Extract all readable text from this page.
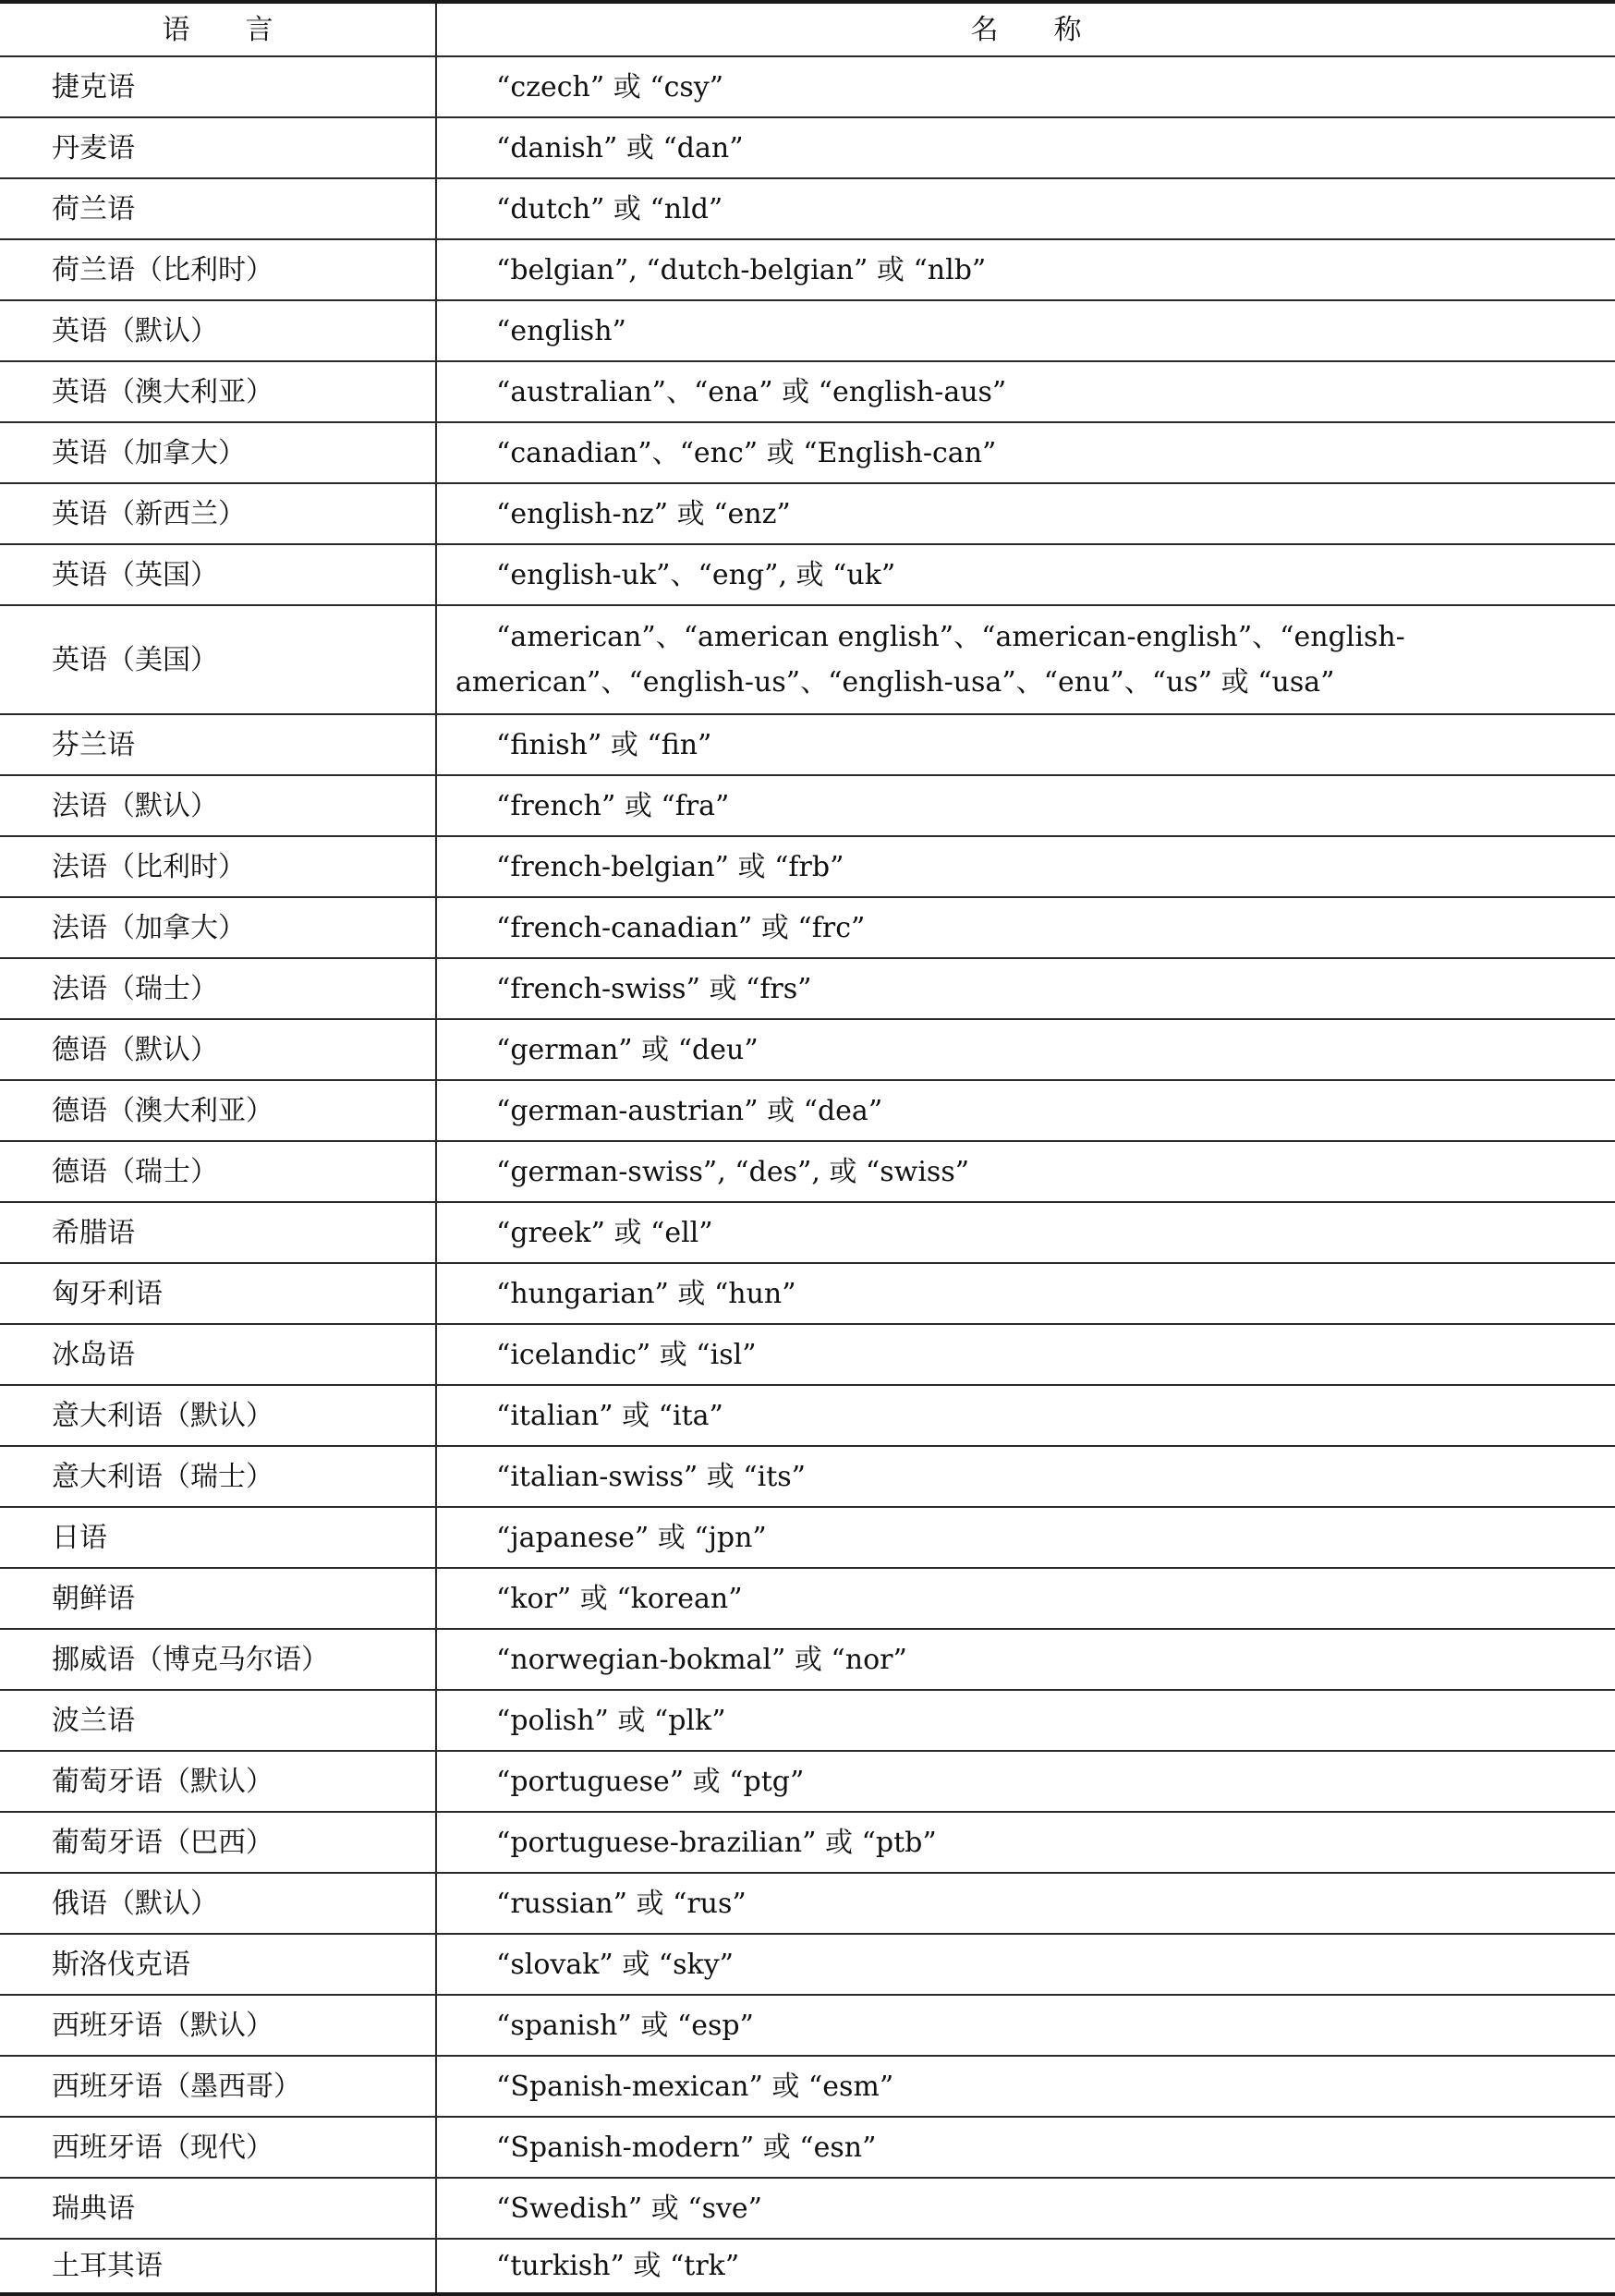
语　　言	名　　称
捷克语	“czech” 或 “csy”
丹麦语	“danish” 或 “dan”
荷兰语	“dutch” 或 “nld”
荷兰语（比利时）	“belgian”, “dutch-belgian” 或 “nlb”
英语（默认）	“english”
英语（澳大利亚）	“australian”、“ena” 或 “english-aus”
英语（加拿大）	“canadian”、“enc” 或 “English-can”
英语（新西兰）	“english-nz” 或 “enz”
英语（英国）	“english-uk”、“eng”, 或 “uk”
英语（美国）	“american”、“american english”、“american-english”、“english-american”、“english-us”、“english-usa”、“enu”、“us” 或 “usa”
芬兰语	“finish” 或 “fin”
法语（默认）	“french” 或 “fra”
法语（比利时）	“french-belgian” 或 “frb”
法语（加拿大）	“french-canadian” 或 “frc”
法语（瑞士）	“french-swiss” 或 “frs”
德语（默认）	“german” 或 “deu”
德语（澳大利亚）	“german-austrian” 或 “dea”
德语（瑞士）	“german-swiss”, “des”, 或 “swiss”
希腊语	“greek” 或 “ell”
匈牙利语	“hungarian” 或 “hun”
冰岛语	“icelandic” 或 “isl”
意大利语（默认）	“italian” 或 “ita”
意大利语（瑞士）	“italian-swiss” 或 “its”
日语	“japanese” 或 “jpn”
朝鲜语	“kor” 或 “korean”
挪威语（博克马尔语）	“norwegian-bokmal” 或 “nor”
波兰语	“polish” 或 “plk”
葡萄牙语（默认）	“portuguese” 或 “ptg”
葡萄牙语（巴西）	“portuguese-brazilian” 或 “ptb”
俄语（默认）	“russian” 或 “rus”
斯洛伐克语	“slovak” 或 “sky”
西班牙语（默认）	“spanish” 或 “esp”
西班牙语（墨西哥）	“Spanish-mexican” 或 “esm”
西班牙语（现代）	“Spanish-modern” 或 “esn”
瑞典语	“Swedish” 或 “sve”
土耳其语	“turkish” 或 “trk”
